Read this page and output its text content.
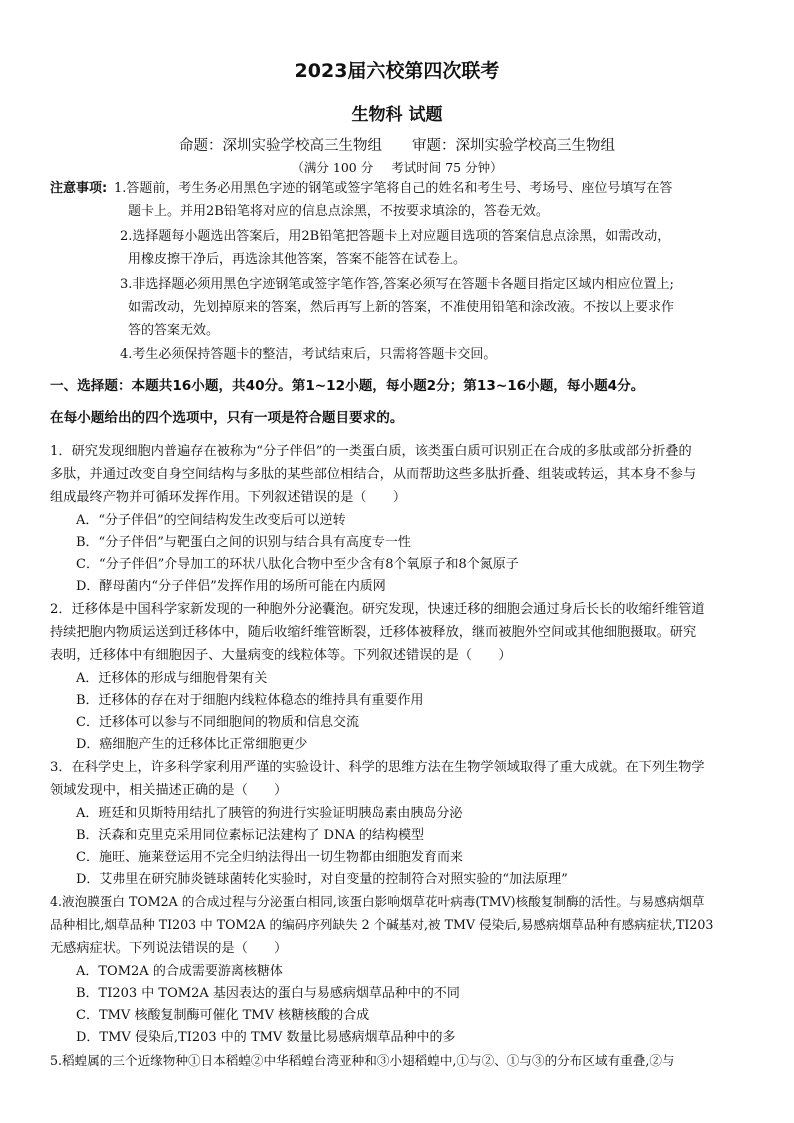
2023届六校第四次联考
生物科 试题
命题：深圳实验学校高三生物组 审题：深圳实验学校高三生物组
（满分 100 分 考试时间 75 分钟）
注意事项: 1.答题前，考生务必用黑色字迹的钢笔或签字笔将自己的姓名和考生号、考场号、座位号填写在答
题卡上。并用2B铅笔将对应的信息点涂黑，不按要求填涂的，答卷无效。
2.选择题每小题选出答案后，用2B铅笔把答题卡上对应题目选项的答案信息点涂黑，如需改动，
用橡皮擦干净后，再选涂其他答案，答案不能答在试卷上。
3.非选择题必须用黑色字迹钢笔或签字笔作答,答案必须写在答题卡各题目指定区域内相应位置上;
如需改动，先划掉原来的答案，然后再写上新的答案，不准使用铅笔和涂改液。不按以上要求作
答的答案无效。
4.考生必须保持答题卡的整洁，考试结束后，只需将答题卡交回。
一、选择题：本题共16小题，共40分。第1~12小题，每小题2分；第13~16小题，每小题4分。
在每小题给出的四个选项中，只有一项是符合题目要求的。
1．研究发现细胞内普遍存在被称为“分子伴侣”的一类蛋白质，该类蛋白质可识别正在合成的多肽或部分折叠的
多肽，并通过改变自身空间结构与多肽的某些部位相结合，从而帮助这些多肽折叠、组装或转运，其本身不参与
组成最终产物并可循环发挥作用。下列叙述错误的是（　　）
A．“分子伴侣”的空间结构发生改变后可以逆转
B．“分子伴侣”与靶蛋白之间的识别与结合具有高度专一性
C．“分子伴侣”介导加工的环状八肽化合物中至少含有8个氧原子和8个氮原子
D．酵母菌内“分子伴侣”发挥作用的场所可能在内质网
2．迁移体是中国科学家新发现的一种胞外分泌囊泡。研究发现，快速迁移的细胞会通过身后长长的收缩纤维管道
持续把胞内物质运送到迁移体中，随后收缩纤维管断裂，迁移体被释放，继而被胞外空间或其他细胞摄取。研究
表明，迁移体中有细胞因子、大量病变的线粒体等。下列叙述错误的是（　　）
A．迁移体的形成与细胞骨架有关
B．迁移体的存在对于细胞内线粒体稳态的维持具有重要作用
C．迁移体可以参与不同细胞间的物质和信息交流
D．癌细胞产生的迁移体比正常细胞更少
3．在科学史上，许多科学家利用严谨的实验设计、科学的思维方法在生物学领域取得了重大成就。在下列生物学
领域发现中，相关描述正确的是（　　）
A．班廷和贝斯特用结扎了胰管的狗进行实验证明胰岛素由胰岛分泌
B．沃森和克里克采用同位素标记法建构了 DNA 的结构模型
C．施旺、施莱登运用不完全归纳法得出一切生物都由细胞发育而来
D．艾弗里在研究肺炎链球菌转化实验时，对自变量的控制符合对照实验的“加法原理”
4.液泡膜蛋白 TOM2A 的合成过程与分泌蛋白相同,该蛋白影响烟草花叶病毒(TMV)核酸复制酶的活性。与易感病烟草
品种相比,烟草品种 TI203 中 TOM2A 的编码序列缺失 2 个碱基对,被 TMV 侵染后,易感病烟草品种有感病症状,TI203
无感病症状。下列说法错误的是（　　）
A．TOM2A 的合成需要游离核糖体
B．TI203 中 TOM2A 基因表达的蛋白与易感病烟草品种中的不同
C．TMV 核酸复制酶可催化 TMV 核糖核酸的合成
D．TMV 侵染后,TI203 中的 TMV 数量比易感病烟草品种中的多
5.稻蝗属的三个近缘物种①日本稻蝗②中华稻蝗台湾亚种和③小翅稻蝗中,①与②、①与③的分布区域有重叠,②与
